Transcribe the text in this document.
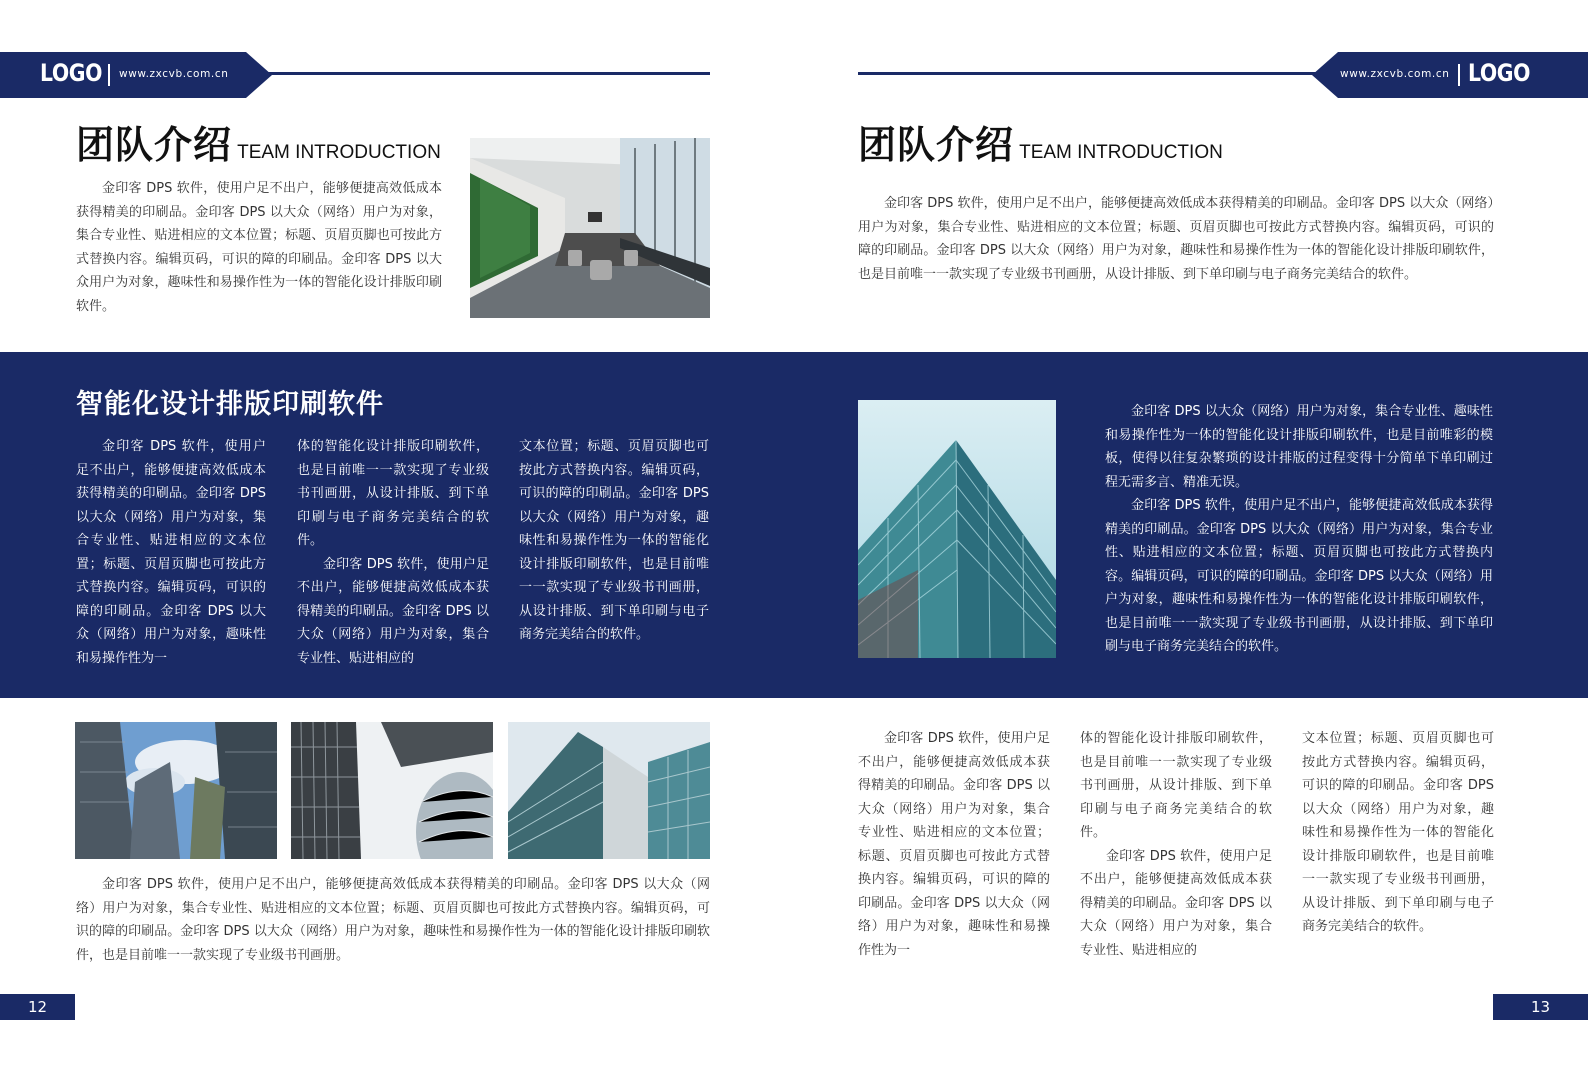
LOGO www.zxcvb.com.cn	www.zxcvb.com.cn LOGO
团队介绍 TEAM INTRODUCTION

金印客 DPS 软件，使用户足不出户，能够便捷高效低成本获得精美的印刷品。金印客 DPS 以大众（网络）用户为对象，集合专业性、贴进相应的文本位置；标题、页眉页脚也可按此方式替换内容。编辑页码，可识的障的印刷品。金印客 DPS 以大众用户为对象，趣味性和易操作性为一体的智能化设计排版印刷软件。

团队介绍 TEAM INTRODUCTION

金印客 DPS 软件，使用户足不出户，能够便捷高效低成本获得精美的印刷品。金印客 DPS 以大众（网络）用户为对象，集合专业性、贴进相应的文本位置；标题、页眉页脚也可按此方式替换内容。编辑页码，可识的障的印刷品。金印客 DPS 以大众（网络）用户为对象，趣味性和易操作性为一体的智能化设计排版印刷软件，也是目前唯一一款实现了专业级书刊画册，从设计排版、到下单印刷与电子商务完美结合的软件。

智能化设计排版印刷软件

金印客 DPS 软件，使用户足不出户，能够便捷高效低成本获得精美的印刷品。金印客 DPS 以大众（网络）用户为对象，集合专业性、贴进相应的文本位置；标题、页眉页脚也可按此方式替换内容。编辑页码，可识的障的印刷品。金印客 DPS 以大众（网络）用户为对象，趣味性和易操作性为一

体的智能化设计排版印刷软件，也是目前唯一一款实现了专业级书刊画册，从设计排版、到下单印刷与电子商务完美结合的软件。

金印客 DPS 软件，使用户足不出户，能够便捷高效低成本获得精美的印刷品。金印客 DPS 以大众（网络）用户为对象，集合专业性、贴进相应的

文本位置；标题、页眉页脚也可按此方式替换内容。编辑页码，可识的障的印刷品。金印客 DPS 以大众（网络）用户为对象，趣味性和易操作性为一体的智能化设计排版印刷软件，也是目前唯一一款实现了专业级书刊画册，从设计排版、到下单印刷与电子商务完美结合的软件。

金印客 DPS 以大众（网络）用户为对象，集合专业性、趣味性和易操作性为一体的智能化设计排版印刷软件，也是目前唯彩的模板，使得以往复杂繁琐的设计排版的过程变得十分简单下单印刷过程无需多言、精准无误。

金印客 DPS 软件，使用户足不出户，能够便捷高效低成本获得精美的印刷品。金印客 DPS 以大众（网络）用户为对象，集合专业性、贴进相应的文本位置；标题、页眉页脚也可按此方式替换内容。编辑页码，可识的障的印刷品。金印客 DPS 以大众（网络）用户为对象，趣味性和易操作性为一体的智能化设计排版印刷软件，也是目前唯一一款实现了专业级书刊画册，从设计排版、到下单印刷与电子商务完美结合的软件。

金印客 DPS 软件，使用户足不出户，能够便捷高效低成本获得精美的印刷品。金印客 DPS 以大众（网络）用户为对象，集合专业性、贴进相应的文本位置；标题、页眉页脚也可按此方式替换内容。编辑页码，可识的障的印刷品。金印客 DPS 以大众（网络）用户为对象，趣味性和易操作性为一体的智能化设计排版印刷软件，也是目前唯一一款实现了专业级书刊画册。

金印客 DPS 软件，使用户足不出户，能够便捷高效低成本获得精美的印刷品。金印客 DPS 以大众（网络）用户为对象，集合专业性、贴进相应的文本位置；标题、页眉页脚也可按此方式替换内容。编辑页码，可识的障的印刷品。金印客 DPS 以大众（网络）用户为对象，趣味性和易操作性为一

体的智能化设计排版印刷软件，也是目前唯一一款实现了专业级书刊画册，从设计排版、到下单印刷与电子商务完美结合的软件。

金印客 DPS 软件，使用户足不出户，能够便捷高效低成本获得精美的印刷品。金印客 DPS 以大众（网络）用户为对象，集合专业性、贴进相应的

文本位置；标题、页眉页脚也可按此方式替换内容。编辑页码，可识的障的印刷品。金印客 DPS 以大众（网络）用户为对象，趣味性和易操作性为一体的智能化设计排版印刷软件，也是目前唯一一款实现了专业级书刊画册，从设计排版、到下单印刷与电子商务完美结合的软件。

12	13
